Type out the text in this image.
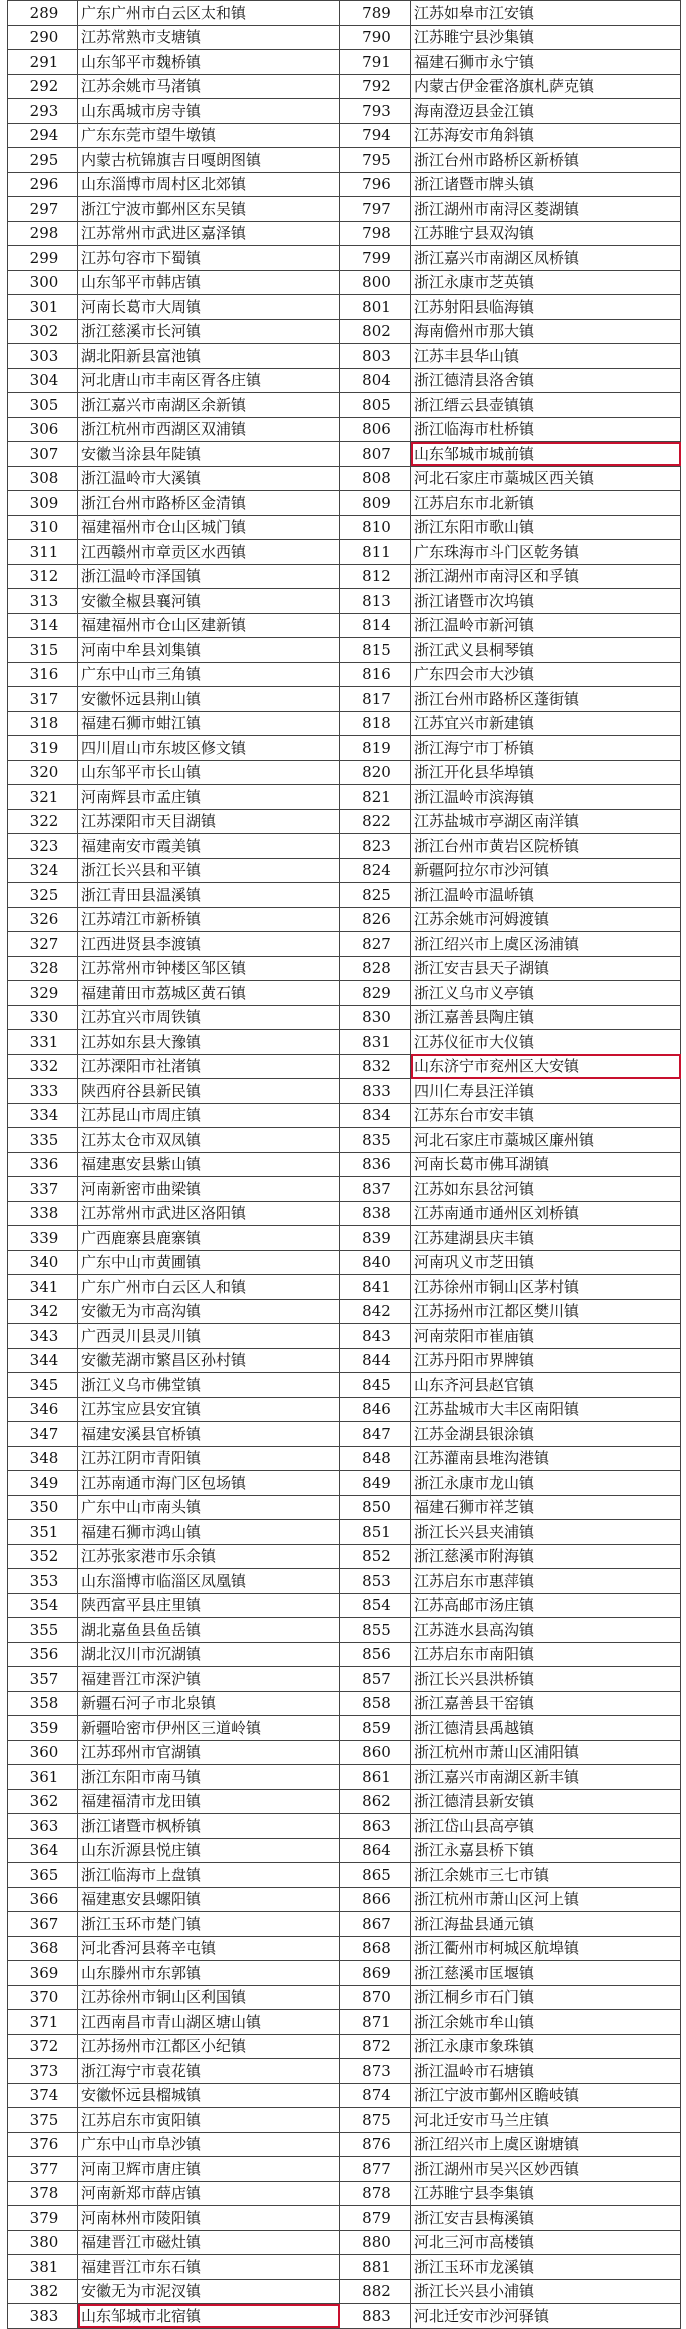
289	广东广州市白云区太和镇	789	江苏如皋市江安镇
290	江苏常熟市支塘镇	790	江苏睢宁县沙集镇
291	山东邹平市魏桥镇	791	福建石狮市永宁镇
292	江苏余姚市马渚镇	792	内蒙古伊金霍洛旗札萨克镇
293	山东禹城市房寺镇	793	海南澄迈县金江镇
294	广东东莞市望牛墩镇	794	江苏海安市角斜镇
295	内蒙古杭锦旗吉日嘎朗图镇	795	浙江台州市路桥区新桥镇
296	山东淄博市周村区北郊镇	796	浙江诸暨市牌头镇
297	浙江宁波市鄞州区东吴镇	797	浙江湖州市南浔区菱湖镇
298	江苏常州市武进区嘉泽镇	798	江苏睢宁县双沟镇
299	江苏句容市下蜀镇	799	浙江嘉兴市南湖区凤桥镇
300	山东邹平市韩店镇	800	浙江永康市芝英镇
301	河南长葛市大周镇	801	江苏射阳县临海镇
302	浙江慈溪市长河镇	802	海南儋州市那大镇
303	湖北阳新县富池镇	803	江苏丰县华山镇
304	河北唐山市丰南区胥各庄镇	804	浙江德清县洛舍镇
305	浙江嘉兴市南湖区余新镇	805	浙江缙云县壶镇镇
306	浙江杭州市西湖区双浦镇	806	浙江临海市杜桥镇
307	安徽当涂县年陡镇	807	山东邹城市城前镇
308	浙江温岭市大溪镇	808	河北石家庄市藁城区西关镇
309	浙江台州市路桥区金清镇	809	江苏启东市北新镇
310	福建福州市仓山区城门镇	810	浙江东阳市歌山镇
311	江西赣州市章贡区水西镇	811	广东珠海市斗门区乾务镇
312	浙江温岭市泽国镇	812	浙江湖州市南浔区和孚镇
313	安徽全椒县襄河镇	813	浙江诸暨市次坞镇
314	福建福州市仓山区建新镇	814	浙江温岭市新河镇
315	河南中牟县刘集镇	815	浙江武义县桐琴镇
316	广东中山市三角镇	816	广东四会市大沙镇
317	安徽怀远县荆山镇	817	浙江台州市路桥区蓬街镇
318	福建石狮市蚶江镇	818	江苏宜兴市新建镇
319	四川眉山市东坡区修文镇	819	浙江海宁市丁桥镇
320	山东邹平市长山镇	820	浙江开化县华埠镇
321	河南辉县市孟庄镇	821	浙江温岭市滨海镇
322	江苏溧阳市天目湖镇	822	江苏盐城市亭湖区南洋镇
323	福建南安市霞美镇	823	浙江台州市黄岩区院桥镇
324	浙江长兴县和平镇	824	新疆阿拉尔市沙河镇
325	浙江青田县温溪镇	825	浙江温岭市温峤镇
326	江苏靖江市新桥镇	826	江苏余姚市河姆渡镇
327	江西进贤县李渡镇	827	浙江绍兴市上虞区汤浦镇
328	江苏常州市钟楼区邹区镇	828	浙江安吉县天子湖镇
329	福建莆田市荔城区黄石镇	829	浙江义乌市义亭镇
330	江苏宜兴市周铁镇	830	浙江嘉善县陶庄镇
331	江苏如东县大豫镇	831	江苏仪征市大仪镇
332	江苏溧阳市社渚镇	832	山东济宁市兖州区大安镇
333	陕西府谷县新民镇	833	四川仁寿县汪洋镇
334	江苏昆山市周庄镇	834	江苏东台市安丰镇
335	江苏太仓市双凤镇	835	河北石家庄市藁城区廉州镇
336	福建惠安县紫山镇	836	河南长葛市佛耳湖镇
337	河南新密市曲梁镇	837	江苏如东县岔河镇
338	江苏常州市武进区洛阳镇	838	江苏南通市通州区刘桥镇
339	广西鹿寨县鹿寨镇	839	江苏建湖县庆丰镇
340	广东中山市黄圃镇	840	河南巩义市芝田镇
341	广东广州市白云区人和镇	841	江苏徐州市铜山区茅村镇
342	安徽无为市高沟镇	842	江苏扬州市江都区樊川镇
343	广西灵川县灵川镇	843	河南荥阳市崔庙镇
344	安徽芜湖市繁昌区孙村镇	844	江苏丹阳市界牌镇
345	浙江义乌市佛堂镇	845	山东齐河县赵官镇
346	江苏宝应县安宜镇	846	江苏盐城市大丰区南阳镇
347	福建安溪县官桥镇	847	江苏金湖县银涂镇
348	江苏江阴市青阳镇	848	江苏灌南县堆沟港镇
349	江苏南通市海门区包场镇	849	浙江永康市龙山镇
350	广东中山市南头镇	850	福建石狮市祥芝镇
351	福建石狮市鸿山镇	851	浙江长兴县夹浦镇
352	江苏张家港市乐余镇	852	浙江慈溪市附海镇
353	山东淄博市临淄区凤凰镇	853	江苏启东市惠萍镇
354	陕西富平县庄里镇	854	江苏高邮市汤庄镇
355	湖北嘉鱼县鱼岳镇	855	江苏涟水县高沟镇
356	湖北汉川市沉湖镇	856	江苏启东市南阳镇
357	福建晋江市深沪镇	857	浙江长兴县洪桥镇
358	新疆石河子市北泉镇	858	浙江嘉善县干窑镇
359	新疆哈密市伊州区三道岭镇	859	浙江德清县禹越镇
360	江苏邳州市官湖镇	860	浙江杭州市萧山区浦阳镇
361	浙江东阳市南马镇	861	浙江嘉兴市南湖区新丰镇
362	福建福清市龙田镇	862	浙江德清县新安镇
363	浙江诸暨市枫桥镇	863	浙江岱山县高亭镇
364	山东沂源县悦庄镇	864	浙江永嘉县桥下镇
365	浙江临海市上盘镇	865	浙江余姚市三七市镇
366	福建惠安县螺阳镇	866	浙江杭州市萧山区河上镇
367	浙江玉环市楚门镇	867	浙江海盐县通元镇
368	河北香河县蒋辛屯镇	868	浙江衢州市柯城区航埠镇
369	山东滕州市东郭镇	869	浙江慈溪市匡堰镇
370	江苏徐州市铜山区利国镇	870	浙江桐乡市石门镇
371	江西南昌市青山湖区塘山镇	871	浙江余姚市牟山镇
372	江苏扬州市江都区小纪镇	872	浙江永康市象珠镇
373	浙江海宁市袁花镇	873	浙江温岭市石塘镇
374	安徽怀远县榴城镇	874	浙江宁波市鄞州区瞻岐镇
375	江苏启东市寅阳镇	875	河北迁安市马兰庄镇
376	广东中山市阜沙镇	876	浙江绍兴市上虞区谢塘镇
377	河南卫辉市唐庄镇	877	浙江湖州市吴兴区妙西镇
378	河南新郑市薛店镇	878	江苏睢宁县李集镇
379	河南林州市陵阳镇	879	浙江安吉县梅溪镇
380	福建晋江市磁灶镇	880	河北三河市高楼镇
381	福建晋江市东石镇	881	浙江玉环市龙溪镇
382	安徽无为市泥汊镇	882	浙江长兴县小浦镇
383	山东邹城市北宿镇	883	河北迁安市沙河驿镇
